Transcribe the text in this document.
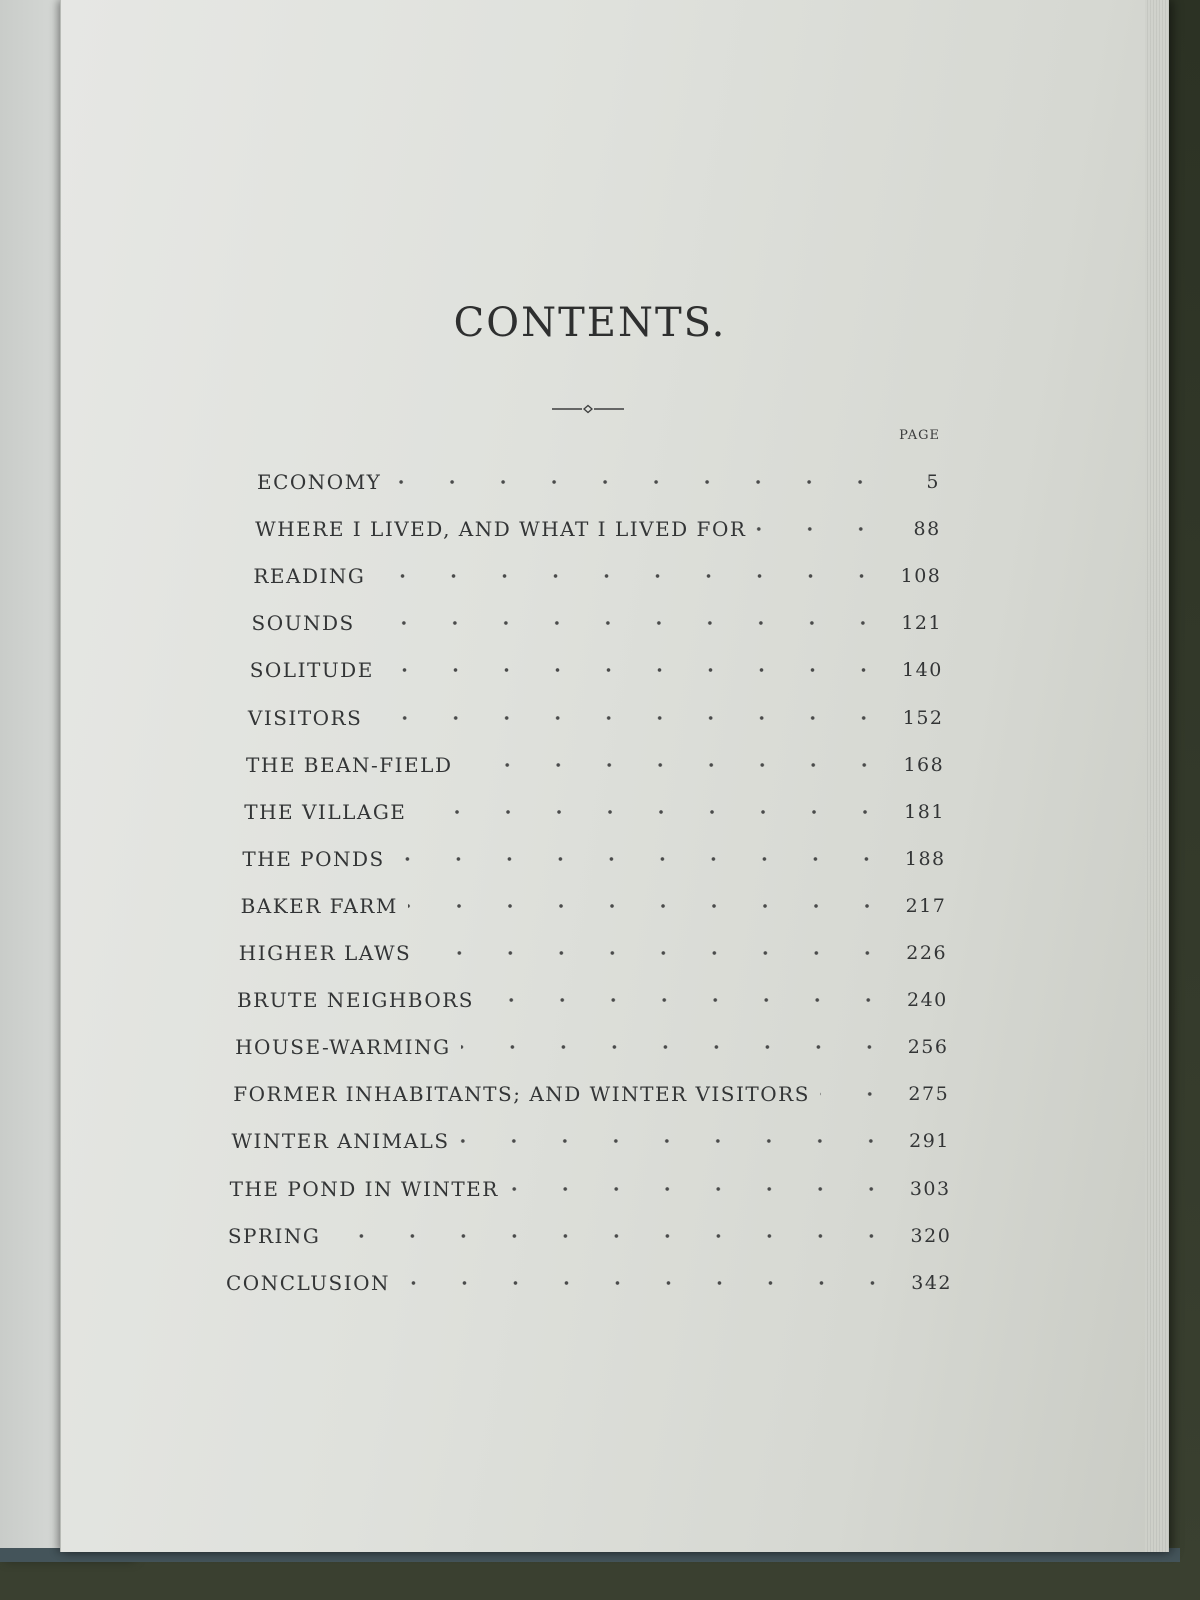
CONTENTS.
PAGE
ECONOMY	5
WHERE I LIVED, AND WHAT I LIVED FOR	88
READING	108
SOUNDS	121
SOLITUDE	140
VISITORS	152
THE BEAN-FIELD	168
THE VILLAGE	181
THE PONDS	188
BAKER FARM	217
HIGHER LAWS	226
BRUTE NEIGHBORS	240
HOUSE-WARMING	256
FORMER INHABITANTS; AND WINTER VISITORS	275
WINTER ANIMALS	291
THE POND IN WINTER	303
SPRING	320
CONCLUSION	342
